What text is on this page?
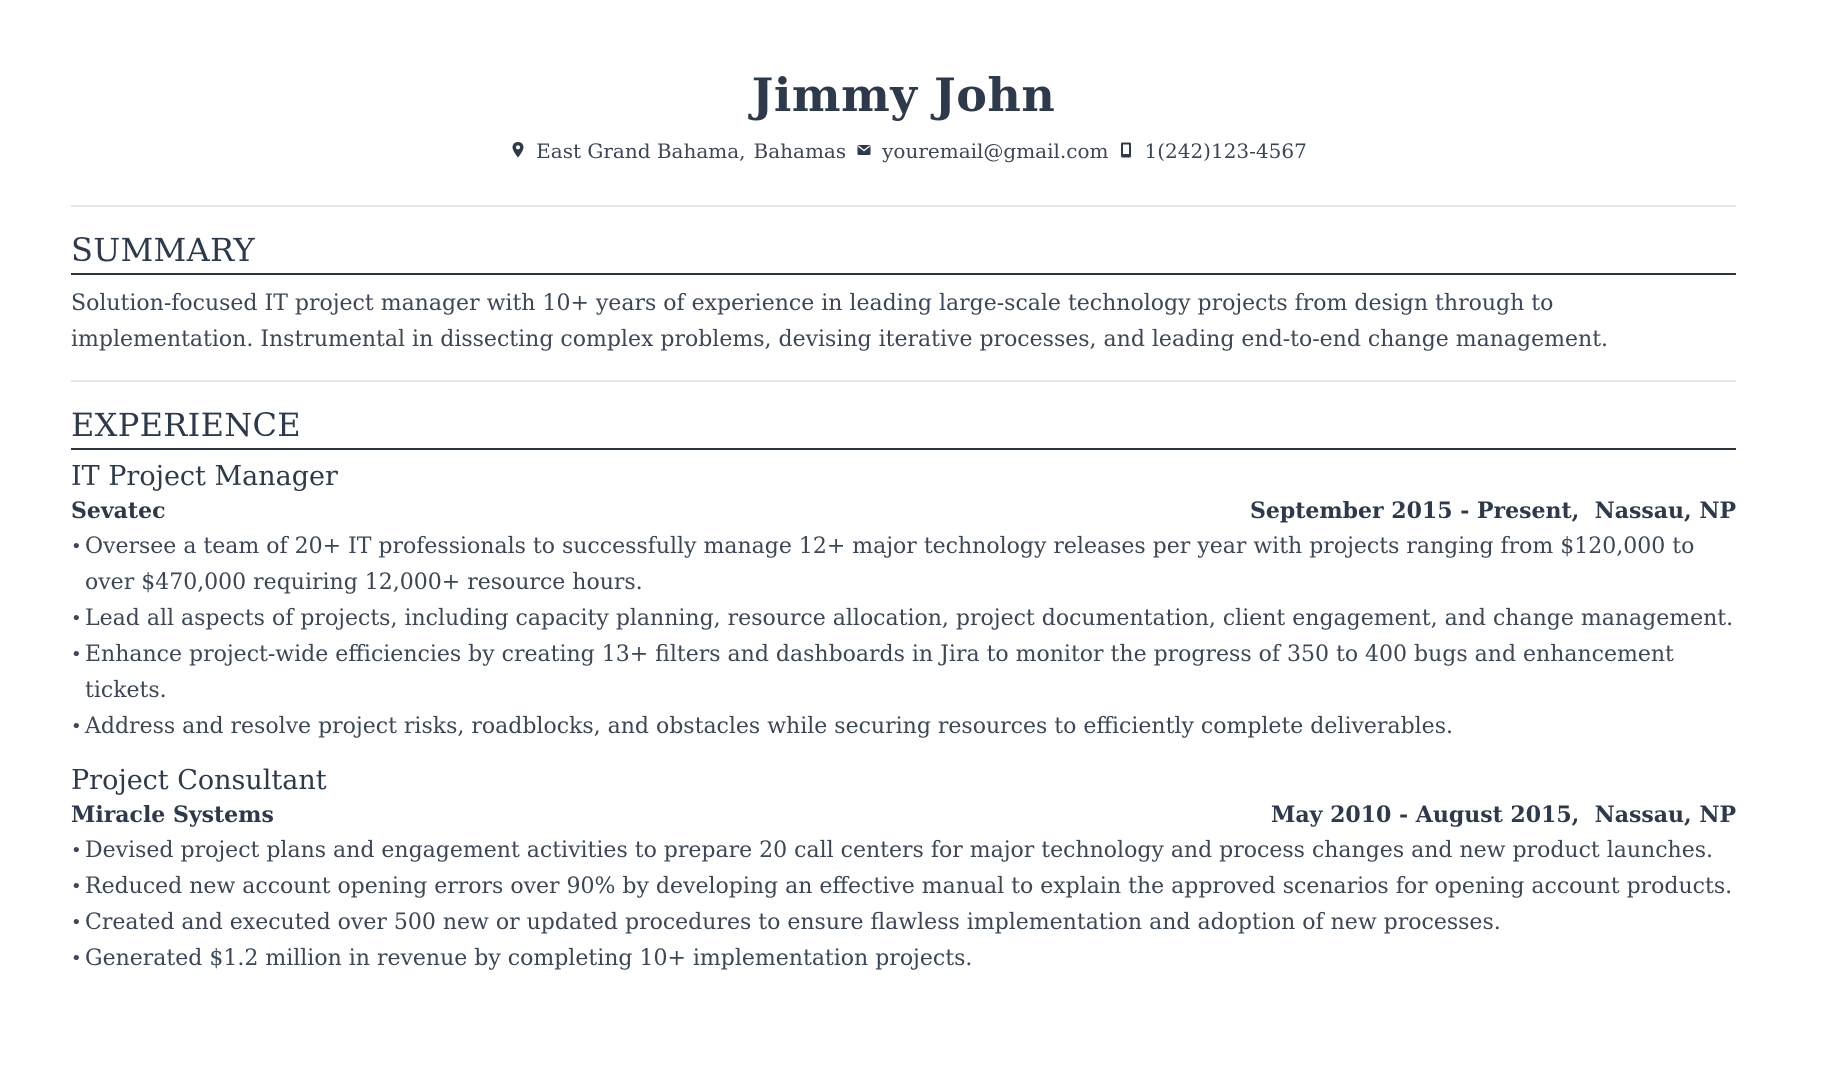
Jimmy John
East Grand Bahama, Bahamas youremail@gmail.com 1(242)123-4567
SUMMARY

Solution-focused IT project manager with 10+ years of experience in leading large-scale technology projects from design through to implementation. Instrumental in dissecting complex problems, devising iterative processes, and leading end-to-end change management.

EXPERIENCE
IT Project Manager
Sevatec	September 2015 - Present,  Nassau, NP
• Oversee a team of 20+ IT professionals to successfully manage 12+ major technology releases per year with projects ranging from $120,000 to over $470,000 requiring 12,000+ resource hours.
• Lead all aspects of projects, including capacity planning, resource allocation, project documentation, client engagement, and change management.
• Enhance project-wide efficiencies by creating 13+ filters and dashboards in Jira to monitor the progress of 350 to 400 bugs and enhancement tickets.
• Address and resolve project risks, roadblocks, and obstacles while securing resources to efficiently complete deliverables.
Project Consultant
Miracle Systems	May 2010 - August 2015,  Nassau, NP
• Devised project plans and engagement activities to prepare 20 call centers for major technology and process changes and new product launches.
• Reduced new account opening errors over 90% by developing an effective manual to explain the approved scenarios for opening account products.
• Created and executed over 500 new or updated procedures to ensure flawless implementation and adoption of new processes.
• Generated $1.2 million in revenue by completing 10+ implementation projects.
